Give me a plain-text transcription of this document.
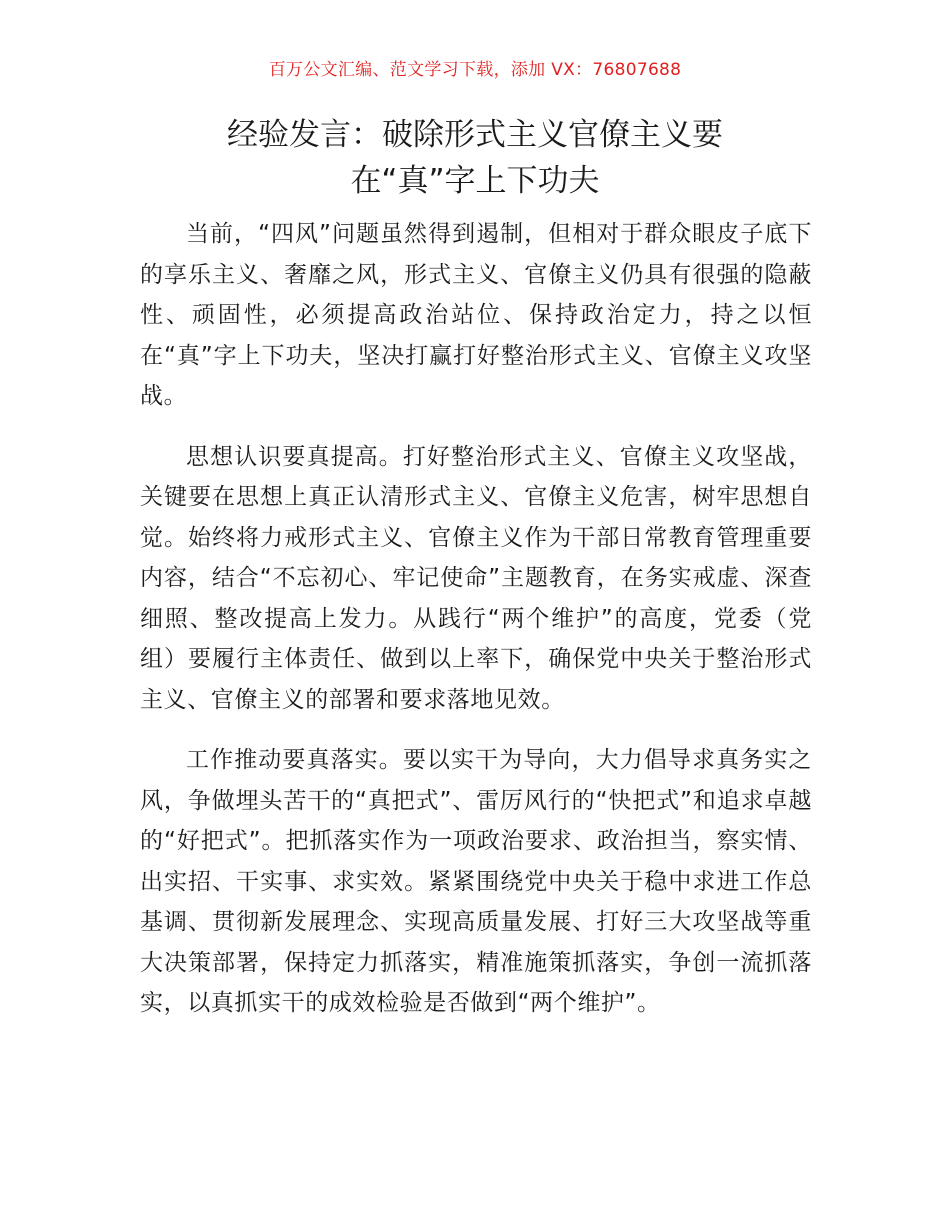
百万公文汇编、范文学习下载，添加 VX：76807688
经验发言：破除形式主义官僚主义要
在“真”字上下功夫

当前，“四风”问题虽然得到遏制，但相对于群众眼皮子底下的享乐主义、奢靡之风，形式主义、官僚主义仍具有很强的隐蔽性、顽固性，必须提高政治站位、保持政治定力，持之以恒在“真”字上下功夫，坚决打赢打好整治形式主义、官僚主义攻坚战。

思想认识要真提高。打好整治形式主义、官僚主义攻坚战，关键要在思想上真正认清形式主义、官僚主义危害，树牢思想自觉。始终将力戒形式主义、官僚主义作为干部日常教育管理重要内容，结合“不忘初心、牢记使命”主题教育，在务实戒虚、深查细照、整改提高上发力。从践行“两个维护”的高度，党委（党组）要履行主体责任、做到以上率下，确保党中央关于整治形式主义、官僚主义的部署和要求落地见效。

工作推动要真落实。要以实干为导向，大力倡导求真务实之风，争做埋头苦干的“真把式”、雷厉风行的“快把式”和追求卓越的“好把式”。把抓落实作为一项政治要求、政治担当，察实情、出实招、干实事、求实效。紧紧围绕党中央关于稳中求进工作总基调、贯彻新发展理念、实现高质量发展、打好三大攻坚战等重大决策部署，保持定力抓落实，精准施策抓落实，争创一流抓落实，以真抓实干的成效检验是否做到“两个维护”。
